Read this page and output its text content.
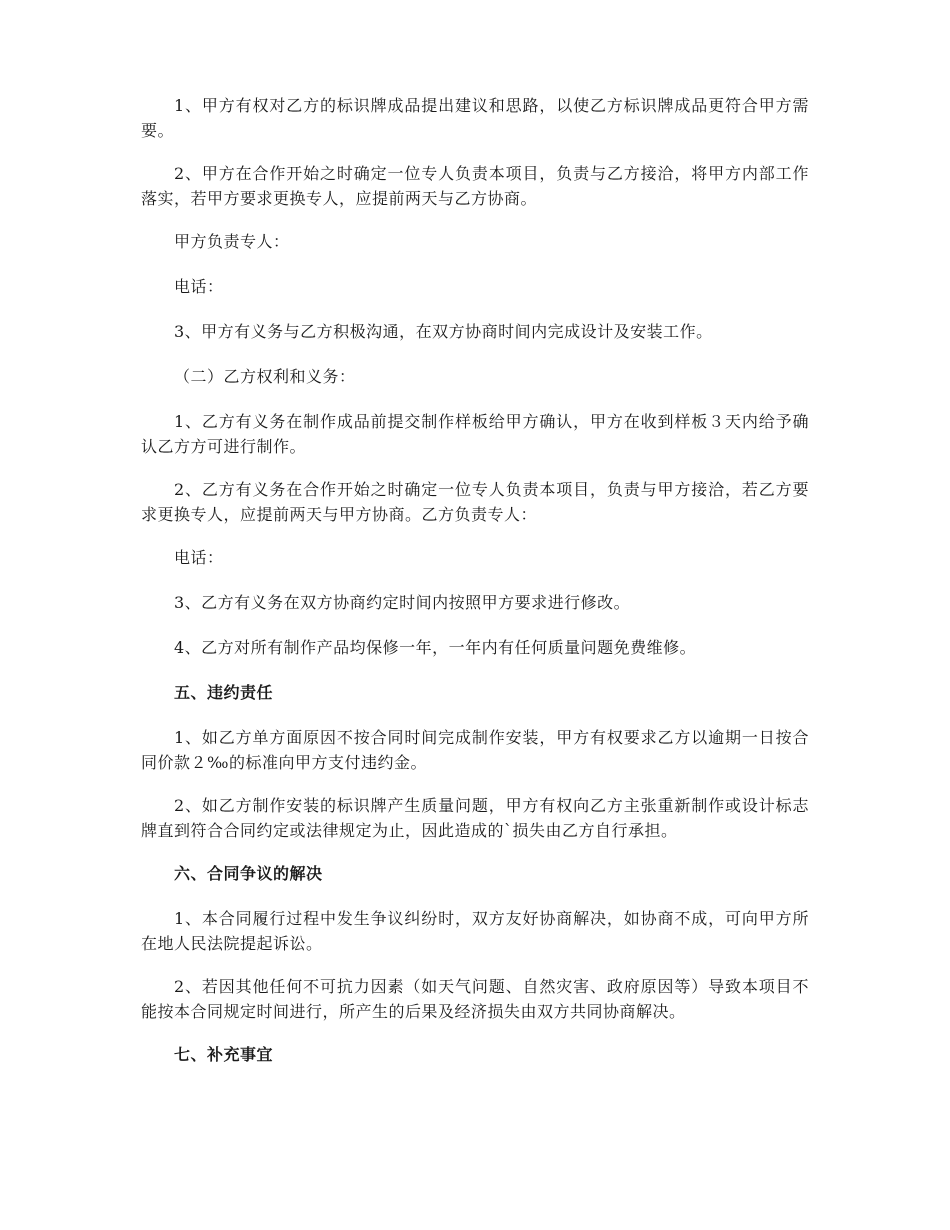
1、甲方有权对乙方的标识牌成品提出建议和思路，以使乙方标识牌成品更符合甲方需要。

2、甲方在合作开始之时确定一位专人负责本项目，负责与乙方接洽，将甲方内部工作落实，若甲方要求更换专人，应提前两天与乙方协商。

甲方负责专人：

电话：

3、甲方有义务与乙方积极沟通，在双方协商时间内完成设计及安装工作。

（二）乙方权利和义务：

1、乙方有义务在制作成品前提交制作样板给甲方确认，甲方在收到样板３天内给予确认乙方方可进行制作。

2、乙方有义务在合作开始之时确定一位专人负责本项目，负责与甲方接洽，若乙方要求更换专人，应提前两天与甲方协商。乙方负责专人：

电话：

3、乙方有义务在双方协商约定时间内按照甲方要求进行修改。

4、乙方对所有制作产品均保修一年，一年内有任何质量问题免费维修。

五、违约责任

1、如乙方单方面原因不按合同时间完成制作安装，甲方有权要求乙方以逾期一日按合同价款２‰的标准向甲方支付违约金。

2、如乙方制作安装的标识牌产生质量问题，甲方有权向乙方主张重新制作或设计标志牌直到符合合同约定或法律规定为止，因此造成的`损失由乙方自行承担。

六、合同争议的解决

1、本合同履行过程中发生争议纠纷时，双方友好协商解决，如协商不成，可向甲方所在地人民法院提起诉讼。

2、若因其他任何不可抗力因素（如天气问题、自然灾害、政府原因等）导致本项目不能按本合同规定时间进行，所产生的后果及经济损失由双方共同协商解决。

七、补充事宜
